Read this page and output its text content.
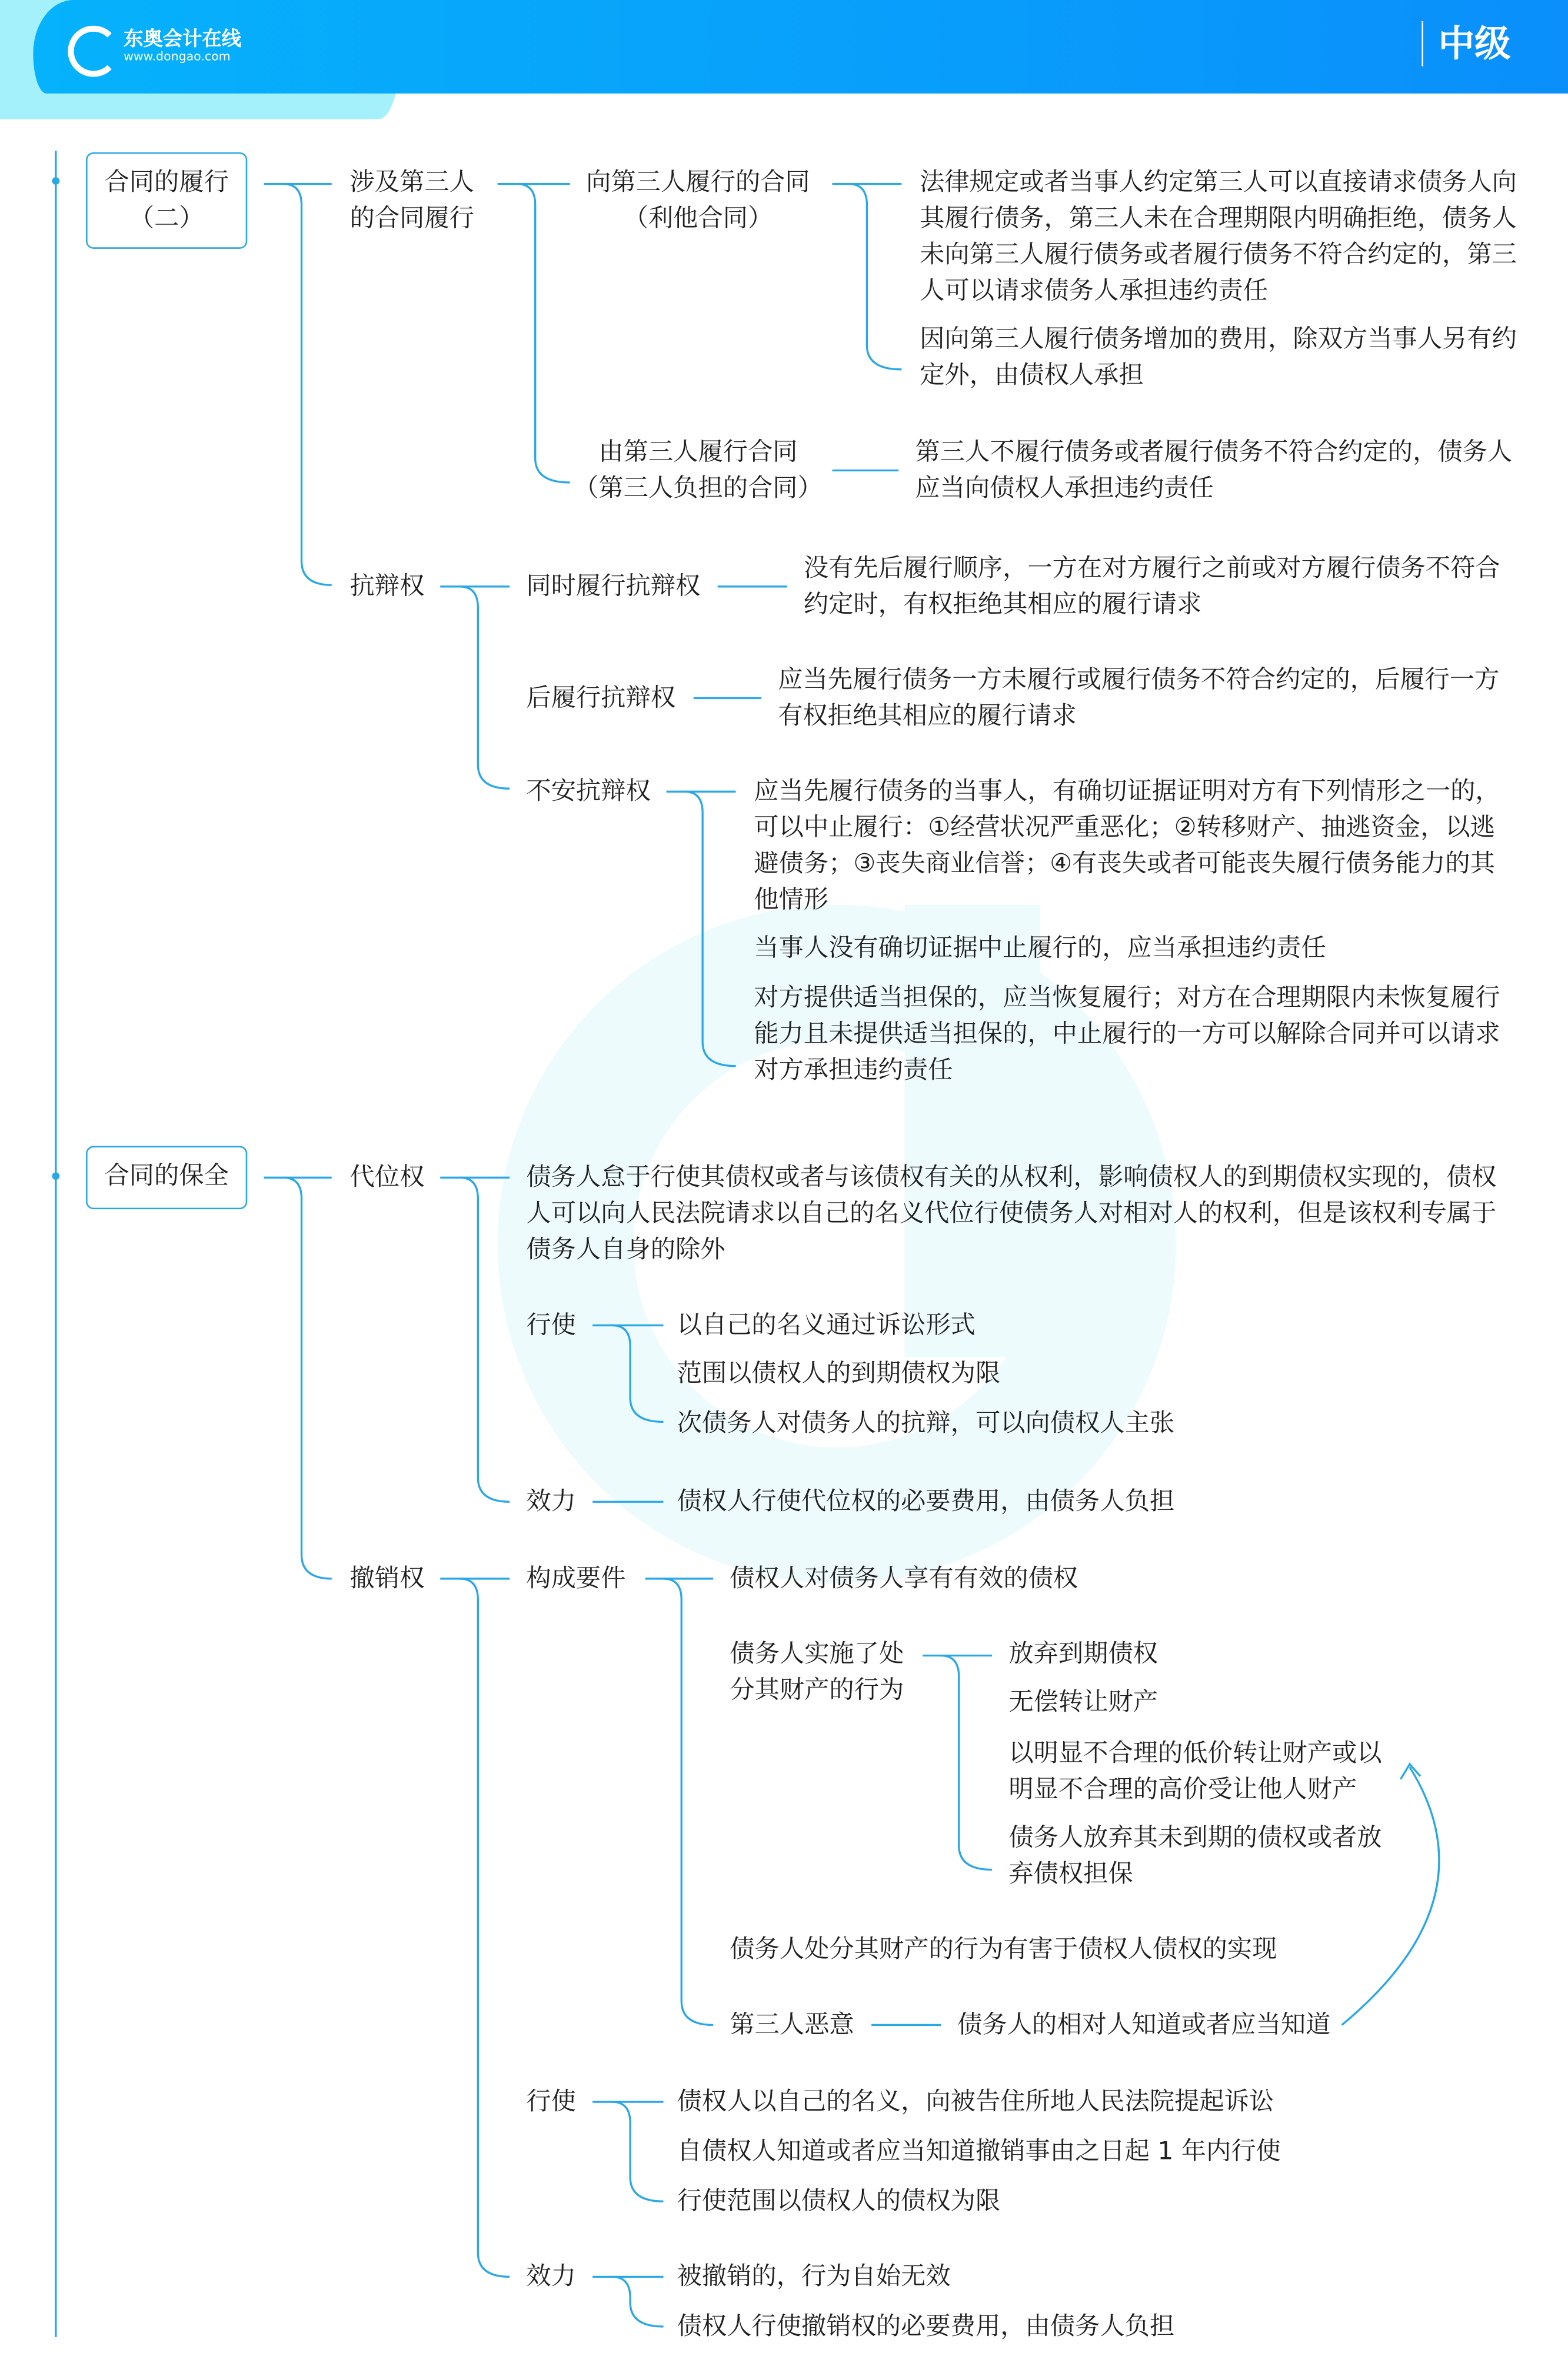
东奥会计在线
www.dongao.com	中级
合同的履行
（二）
涉及第三人
的合同履行
向第三人履行的合同
（利他合同）
法律规定或者当事人约定第三人可以直接请求债务人向
其履行债务，第三人未在合理期限内明确拒绝，债务人
未向第三人履行债务或者履行债务不符合约定的，第三
人可以请求债务人承担违约责任
因向第三人履行债务增加的费用，除双方当事人另有约
定外，由债权人承担
由第三人履行合同
（第三人负担的合同）
第三人不履行债务或者履行债务不符合约定的，债务人
应当向债权人承担违约责任
抗辩权	同时履行抗辩权
没有先后履行顺序，一方在对方履行之前或对方履行债务不符合
约定时，有权拒绝其相应的履行请求
后履行抗辩权
应当先履行债务一方未履行或履行债务不符合约定的，后履行一方
有权拒绝其相应的履行请求
不安抗辩权	应当先履行债务的当事人，有确切证据证明对方有下列情形之一的，
可以中止履行：①经营状况严重恶化；②转移财产、抽逃资金，以逃
避债务；③丧失商业信誉；④有丧失或者可能丧失履行债务能力的其
他情形
当事人没有确切证据中止履行的，应当承担违约责任
对方提供适当担保的，应当恢复履行；对方在合理期限内未恢复履行
能力且未提供适当担保的，中止履行的一方可以解除合同并可以请求
对方承担违约责任
合同的保全	代位权	债务人怠于行使其债权或者与该债权有关的从权利，影响债权人的到期债权实现的，债权
人可以向人民法院请求以自己的名义代位行使债务人对相对人的权利，但是该权利专属于
债务人自身的除外
行使	以自己的名义通过诉讼形式
范围以债权人的到期债权为限
次债务人对债务人的抗辩，可以向债权人主张
效力	债权人行使代位权的必要费用，由债务人负担
撤销权	构成要件	债权人对债务人享有有效的债权
债务人实施了处
分其财产的行为
放弃到期债权
无偿转让财产
以明显不合理的低价转让财产或以
明显不合理的高价受让他人财产
债务人放弃其未到期的债权或者放
弃债权担保
债务人处分其财产的行为有害于债权人债权的实现
第三人恶意	债务人的相对人知道或者应当知道
行使	债权人以自己的名义，向被告住所地人民法院提起诉讼
自债权人知道或者应当知道撤销事由之日起 1 年内行使
行使范围以债权人的债权为限
效力	被撤销的，行为自始无效
债权人行使撤销权的必要费用，由债务人负担
